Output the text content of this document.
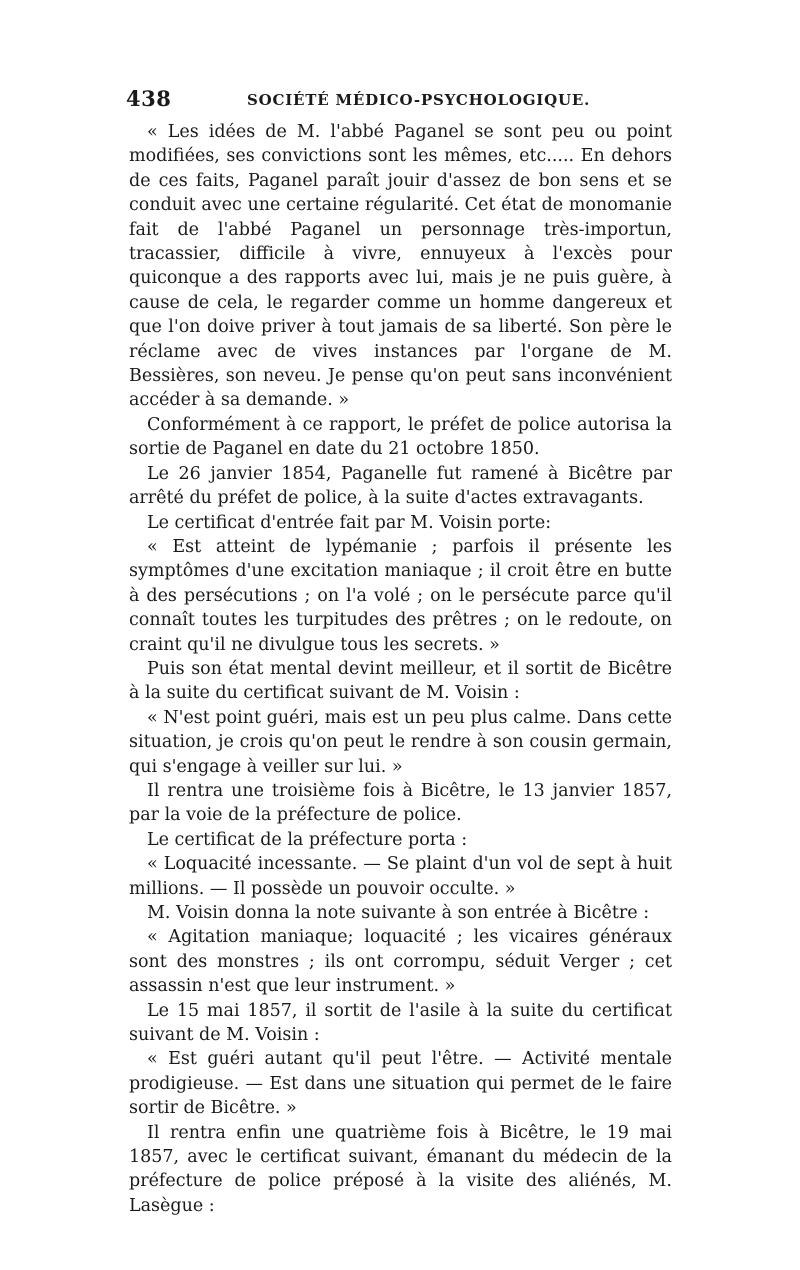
438	SOCIÉTÉ MÉDICO-PSYCHOLOGIQUE.

« Les idées de M. l'abbé Paganel se sont peu ou point modifiées, ses convictions sont les mêmes, etc..... En dehors de ces faits, Paganel paraît jouir d'assez de bon sens et se conduit avec une certaine régularité. Cet état de monomanie fait de l'abbé Paganel un personnage très-importun, tracassier, difficile à vivre, ennuyeux à l'excès pour quiconque a des rapports avec lui, mais je ne puis guère, à cause de cela, le regarder comme un homme dangereux et que l'on doive priver à tout jamais de sa liberté. Son père le réclame avec de vives instances par l'organe de M. Bessières, son neveu. Je pense qu'on peut sans inconvénient accéder à sa demande. »

Conformément à ce rapport, le préfet de police autorisa la sortie de Paganel en date du 21 octobre 1850.

Le 26 janvier 1854, Paganelle fut ramené à Bicêtre par arrêté du préfet de police, à la suite d'actes extravagants.

Le certificat d'entrée fait par M. Voisin porte:

« Est atteint de lypémanie ; parfois il présente les symptômes d'une excitation maniaque ; il croit être en butte à des persécutions ; on l'a volé ; on le persécute parce qu'il connaît toutes les turpitudes des prêtres ; on le redoute, on craint qu'il ne divulgue tous les secrets. »

Puis son état mental devint meilleur, et il sortit de Bicêtre à la suite du certificat suivant de M. Voisin :

« N'est point guéri, mais est un peu plus calme. Dans cette situation, je crois qu'on peut le rendre à son cousin germain, qui s'engage à veiller sur lui. »

Il rentra une troisième fois à Bicêtre, le 13 janvier 1857, par la voie de la préfecture de police.

Le certificat de la préfecture porta :

« Loquacité incessante. — Se plaint d'un vol de sept à huit millions. — Il possède un pouvoir occulte. »

M. Voisin donna la note suivante à son entrée à Bicêtre :

« Agitation maniaque; loquacité ; les vicaires généraux sont des monstres ; ils ont corrompu, séduit Verger ; cet assassin n'est que leur instrument. »

Le 15 mai 1857, il sortit de l'asile à la suite du certificat suivant de M. Voisin :

« Est guéri autant qu'il peut l'être. — Activité mentale prodigieuse. — Est dans une situation qui permet de le faire sortir de Bicêtre. »

Il rentra enfin une quatrième fois à Bicêtre, le 19 mai 1857, avec le certificat suivant, émanant du médecin de la préfecture de police préposé à la visite des aliénés, M. Lasègue :
